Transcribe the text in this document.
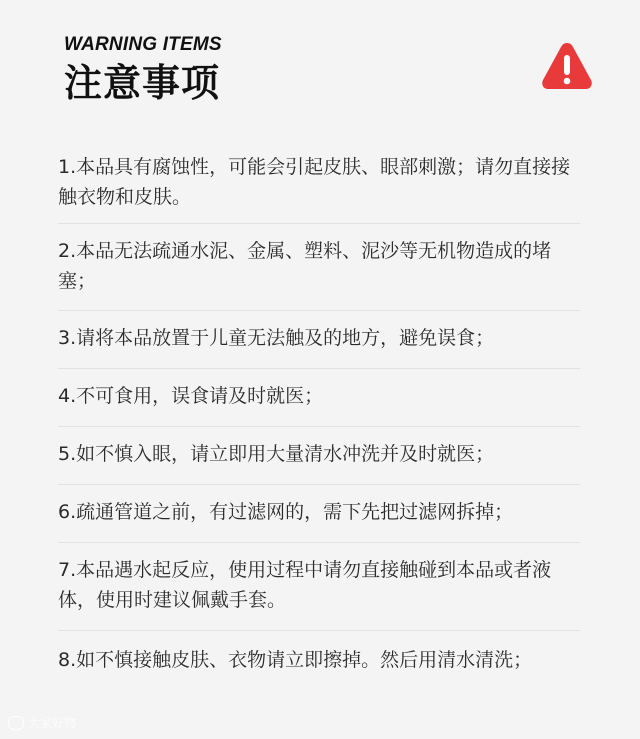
WARNING ITEMS
注意事项

1.本品具有腐蚀性，可能会引起皮肤、眼部刺激；请勿直接接触衣物和皮肤。

2.本品无法疏通水泥、金属、塑料、泥沙等无机物造成的堵塞；

3.请将本品放置于儿童无法触及的地方，避免误食；

4.不可食用，误食请及时就医；

5.如不慎入眼，请立即用大量清水冲洗并及时就医；

6.疏通管道之前，有过滤网的，需下先把过滤网拆掉；

7.本品遇水起反应，使用过程中请勿直接触碰到本品或者液体，使用时建议佩戴手套。

8.如不慎接触皮肤、衣物请立即擦掉。然后用清水清洗；

大家好物
